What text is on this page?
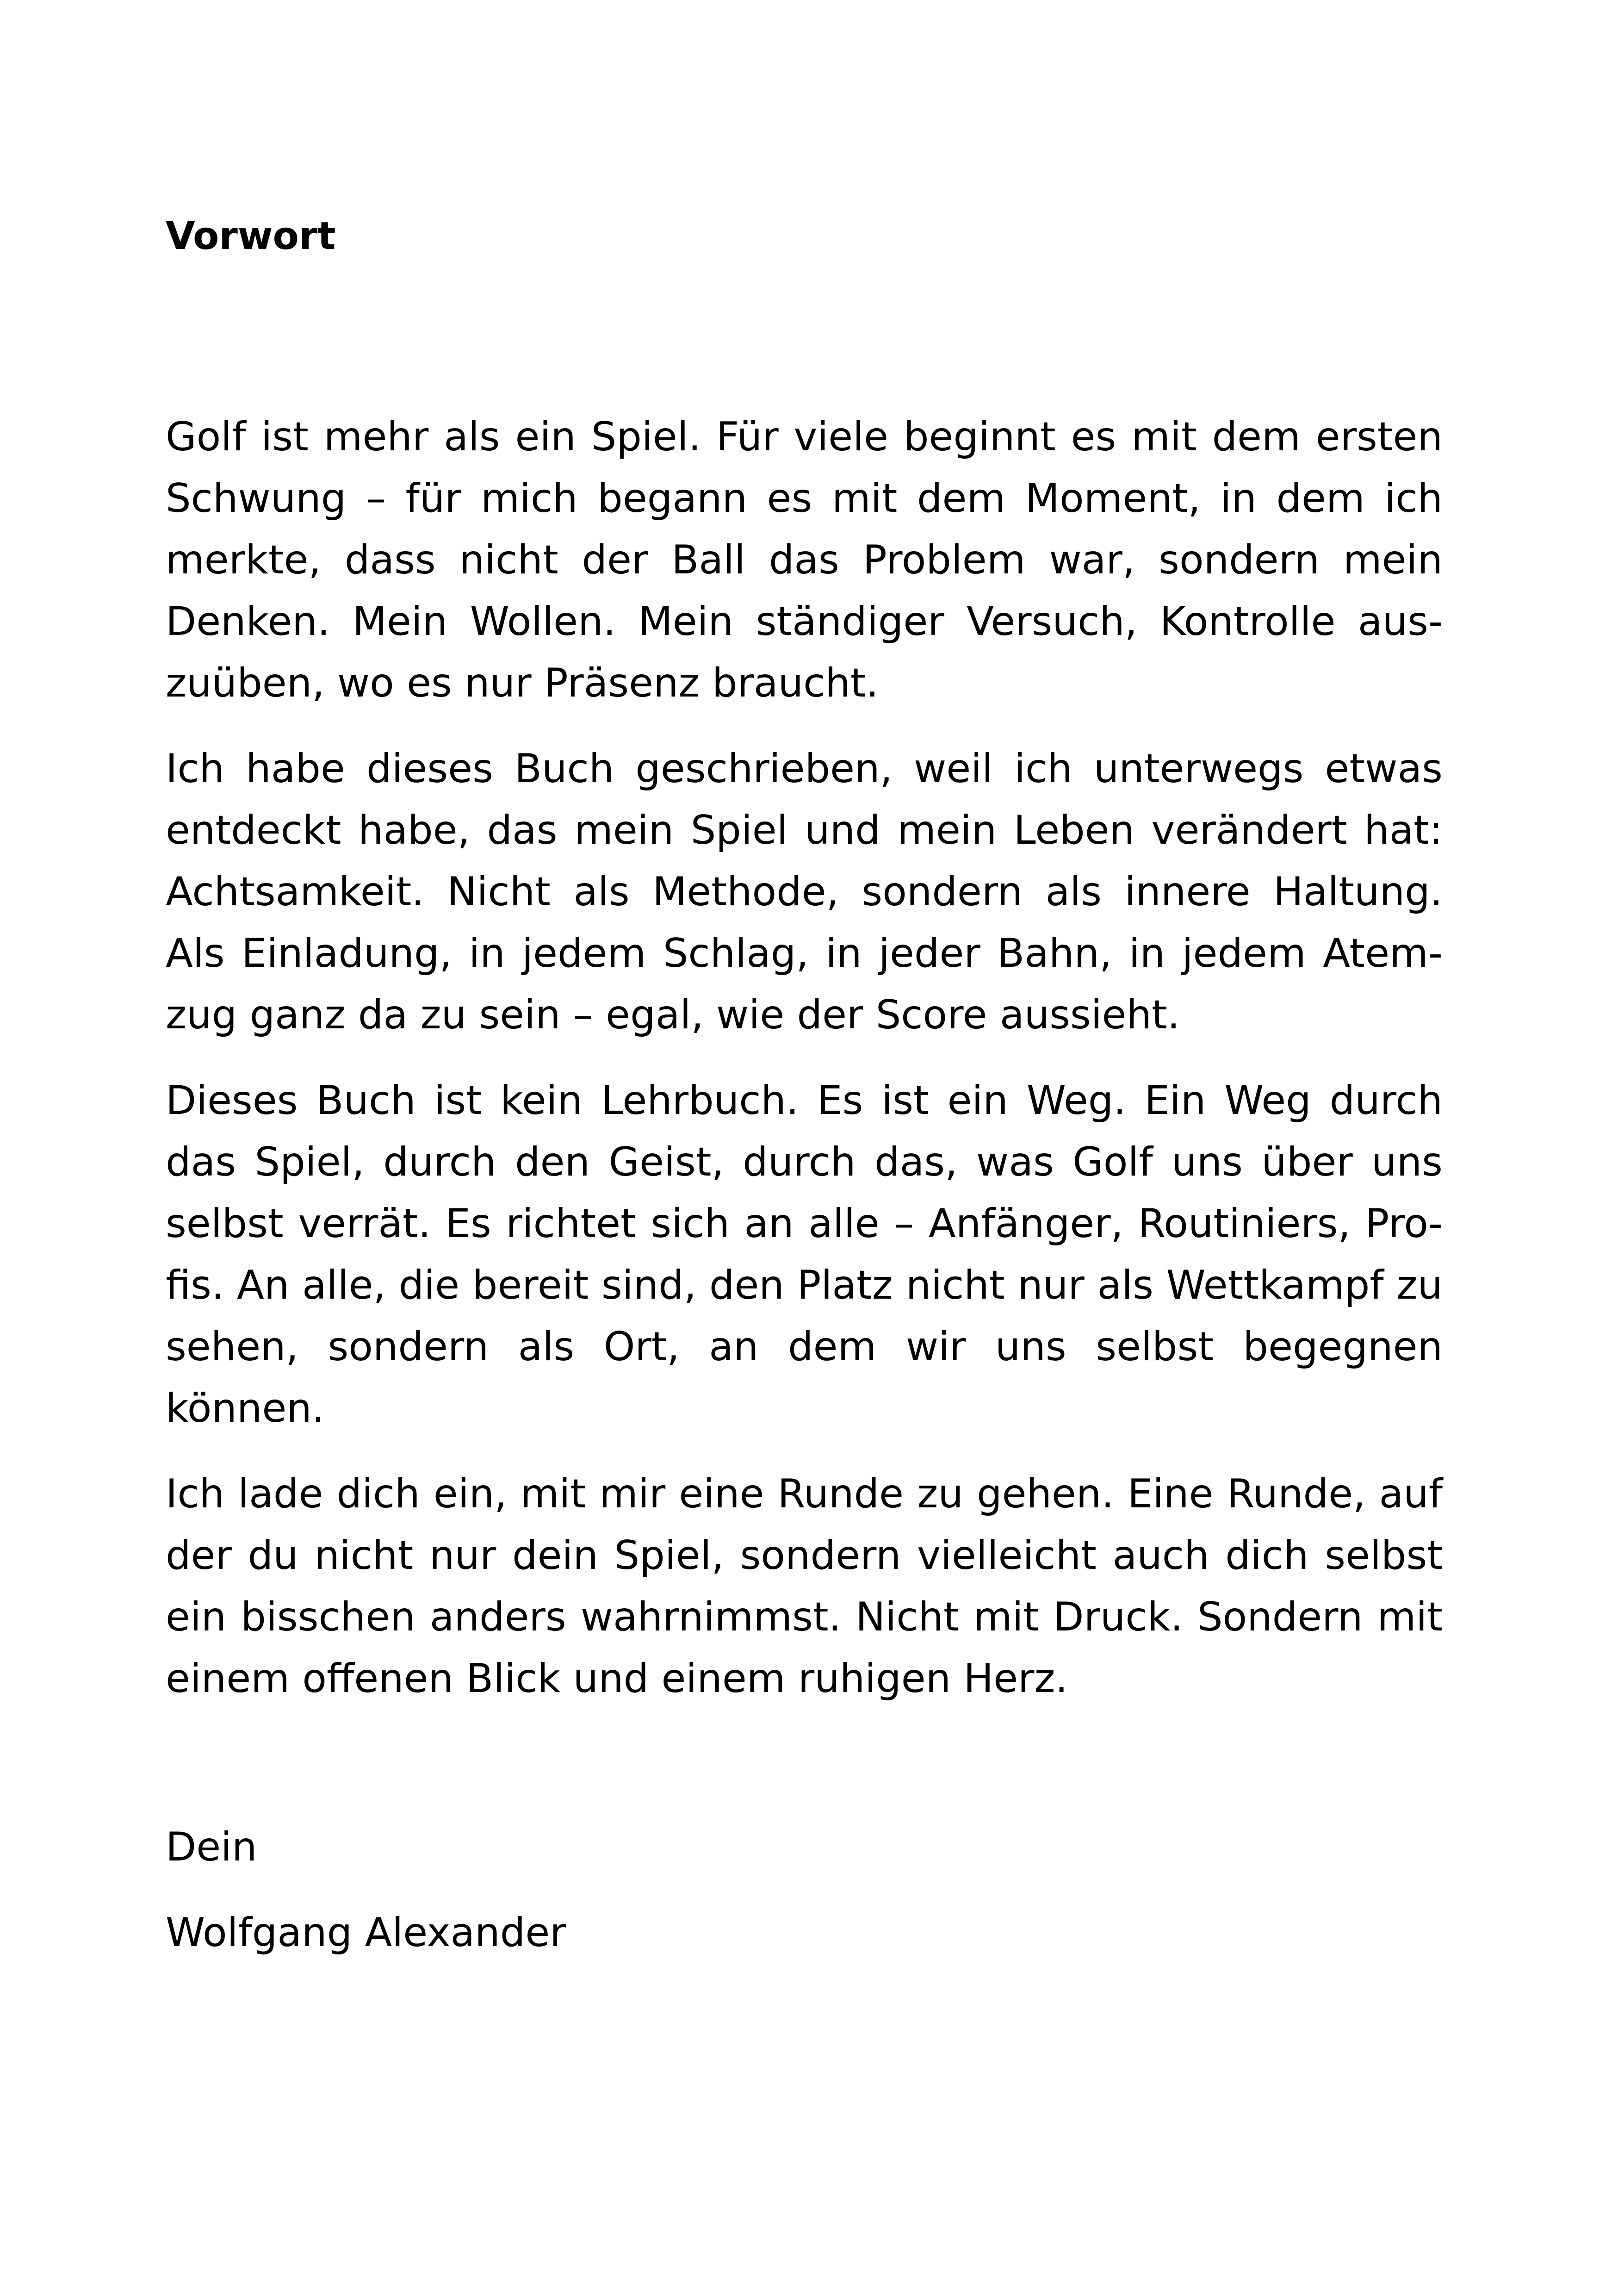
Vorwort

Golf ist mehr als ein Spiel. Für viele beginnt es mit dem ersten Schwung – für mich begann es mit dem Moment, in dem ich merkte, dass nicht der Ball das Problem war, sondern mein Denken. Mein Wollen. Mein ständiger Versuch, Kontrolle auszuüben, wo es nur Präsenz braucht.

Ich habe dieses Buch geschrieben, weil ich unterwegs etwas entdeckt habe, das mein Spiel und mein Leben verändert hat: Achtsamkeit. Nicht als Methode, sondern als innere Haltung. Als Einladung, in jedem Schlag, in jeder Bahn, in jedem Atemzug ganz da zu sein – egal, wie der Score aussieht.

Dieses Buch ist kein Lehrbuch. Es ist ein Weg. Ein Weg durch das Spiel, durch den Geist, durch das, was Golf uns über uns selbst verrät. Es richtet sich an alle – Anfänger, Routiniers, Profis. An alle, die bereit sind, den Platz nicht nur als Wettkampf zu sehen, sondern als Ort, an dem wir uns selbst begegnen können.

Ich lade dich ein, mit mir eine Runde zu gehen. Eine Runde, auf der du nicht nur dein Spiel, sondern vielleicht auch dich selbst ein bisschen anders wahrnimmst. Nicht mit Druck. Sondern mit einem offenen Blick und einem ruhigen Herz.

Dein

Wolfgang Alexander
